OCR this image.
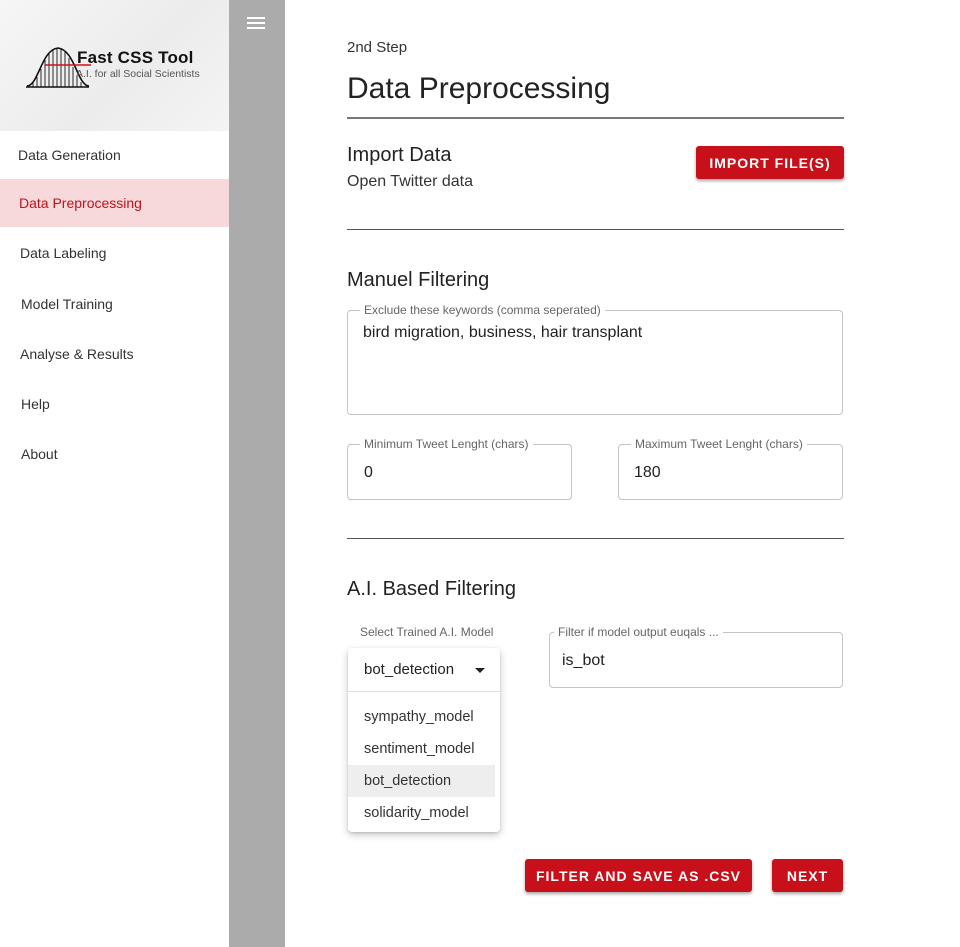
Fast CSS Tool
A.I. for all Social Scientists
Data Generation
Data Preprocessing
Data Labeling
Model Training
Analyse & Results
Help
About
2nd Step
Data Preprocessing
Import Data
Open Twitter data
IMPORT FILE(S)
Manuel Filtering
Exclude these keywords (comma seperated)
bird migration, business, hair transplant
Minimum Tweet Lenght (chars)
0
Maximum Tweet Lenght (chars)
180
A.I. Based Filtering
Select Trained A.I. Model
bot_detection
sympathy_model
sentiment_model
bot_detection
solidarity_model
Filter if model output euqals ...
is_bot
FILTER AND SAVE AS .CSV	NEXT
